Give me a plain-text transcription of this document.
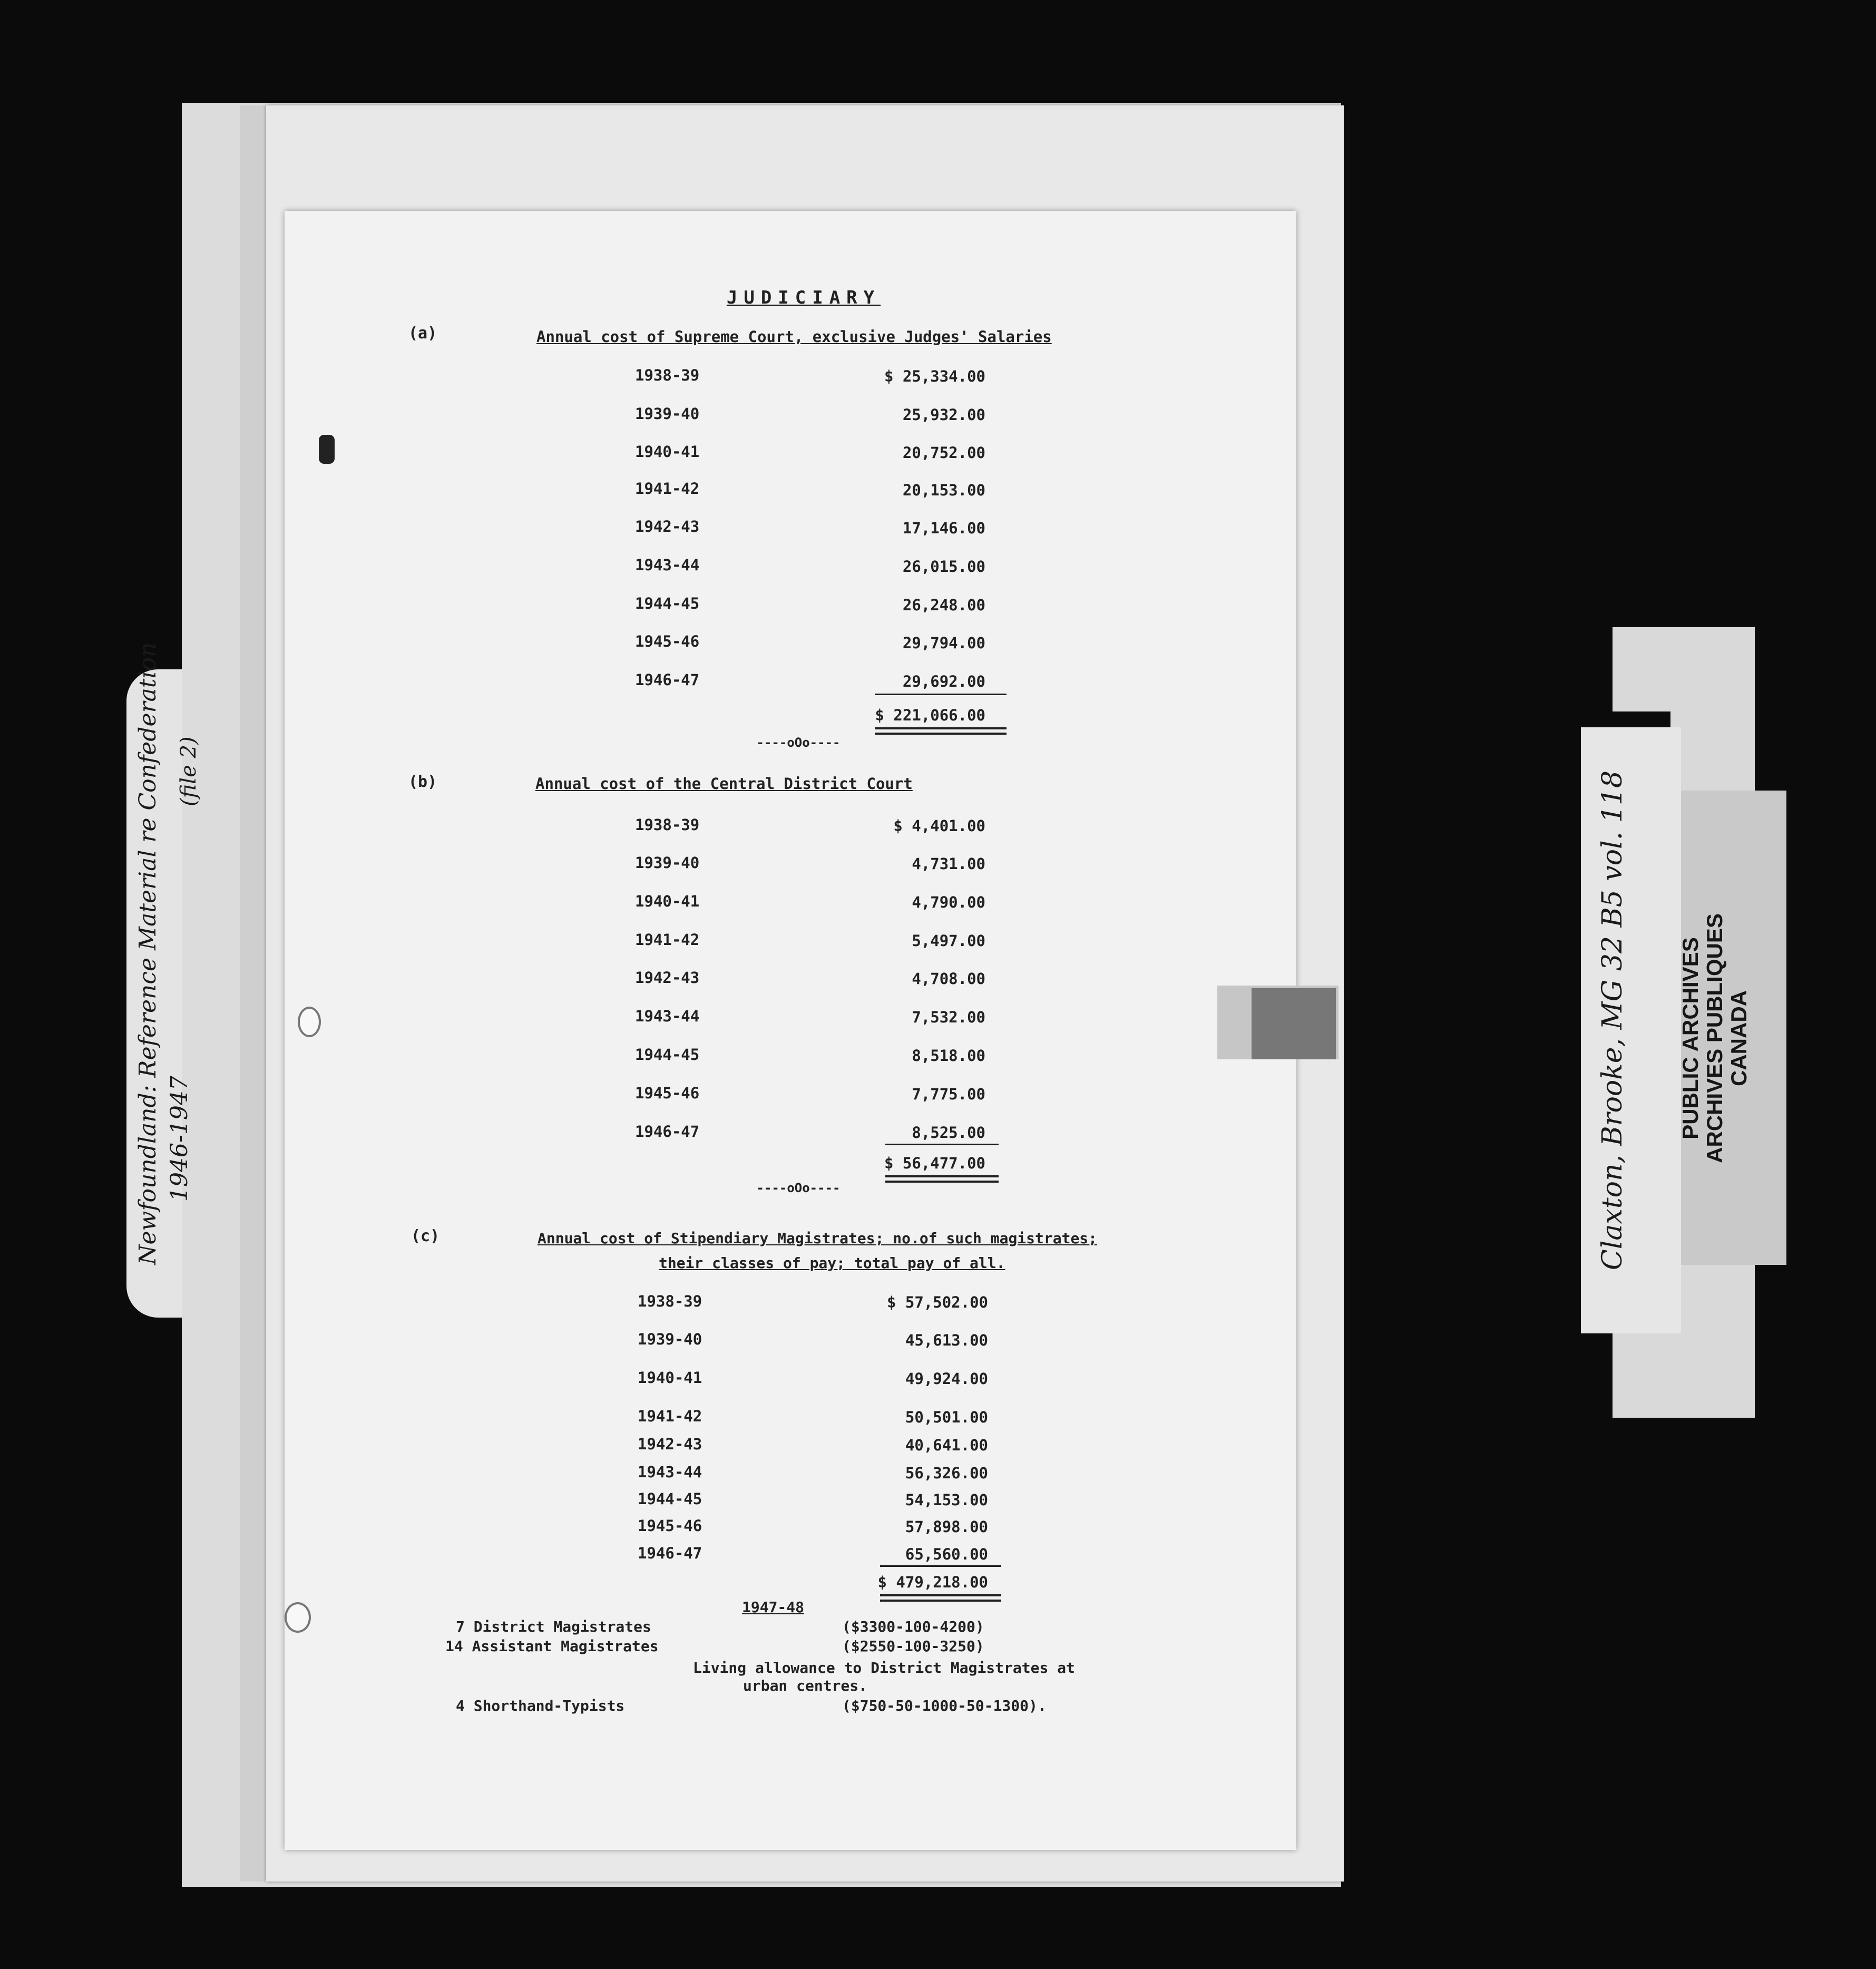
JUDICIARY
(a)	Annual cost of Supreme Court, exclusive Judges' Salaries
1938-39	$ 25,334.00
1939-40	25,932.00
1940-41	20,752.00
1941-42	20,153.00
1942-43	17,146.00
1943-44	26,015.00
1944-45	26,248.00
1945-46	29,794.00
1946-47	29,692.00
$ 221,066.00
----oOo----
(b)	Annual cost of the Central District Court
1938-39	$ 4,401.00
1939-40	4,731.00
1940-41	4,790.00
1941-42	5,497.00
1942-43	4,708.00
1943-44	7,532.00
1944-45	8,518.00
1945-46	7,775.00
1946-47	8,525.00
$ 56,477.00
----oOo----
(c)	Annual cost of Stipendiary Magistrates; no.of such magistrates;
their classes of pay; total pay of all.
1938-39	$ 57,502.00
1939-40	45,613.00
1940-41	49,924.00
1941-42	50,501.00
1942-43	40,641.00
1943-44	56,326.00
1944-45	54,153.00
1945-46	57,898.00
1946-47	65,560.00
$ 479,218.00
1947-48
7 District Magistrates	($3300-100-4200)
14 Assistant Magistrates	($2550-100-3250)
Living allowance to District Magistrates at
urban centres.
4 Shorthand-Typists	($750-50-1000-50-1300).
Newfoundland: Reference Material re Confederation 1946-1947
(file 2)	Claxton, Brooke, MG 32 B5 vol. 118 PUBLIC ARCHIVES ARCHIVES PUBLIQUES CANADA
